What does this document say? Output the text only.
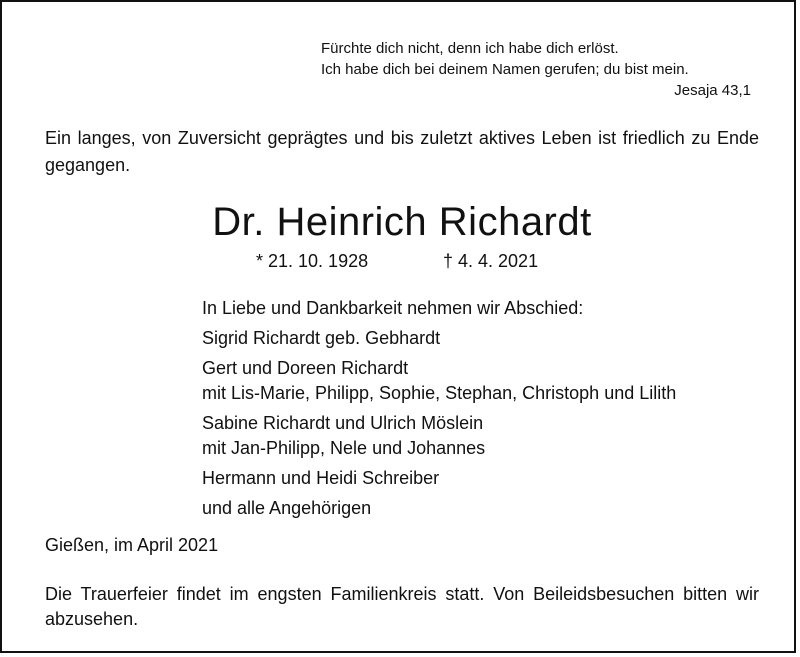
Fürchte dich nicht, denn ich habe dich erlöst.
Ich habe dich bei deinem Namen gerufen; du bist mein.
Jesaja 43,1
Ein langes, von Zuversicht geprägtes und bis zuletzt aktives Leben ist friedlich zu Ende gegangen.
Dr. Heinrich Richardt
* 21. 10. 1928	† 4. 4. 2021
In Liebe und Dankbarkeit nehmen wir Abschied:
Sigrid Richardt geb. Gebhardt
Gert und Doreen Richardt
mit Lis-Marie, Philipp, Sophie, Stephan, Christoph und Lilith
Sabine Richardt und Ulrich Möslein
mit Jan-Philipp, Nele und Johannes
Hermann und Heidi Schreiber
und alle Angehörigen
Gießen, im April 2021
Die Trauerfeier findet im engsten Familienkreis statt. Von Beileidsbesuchen bitten wir abzusehen.
